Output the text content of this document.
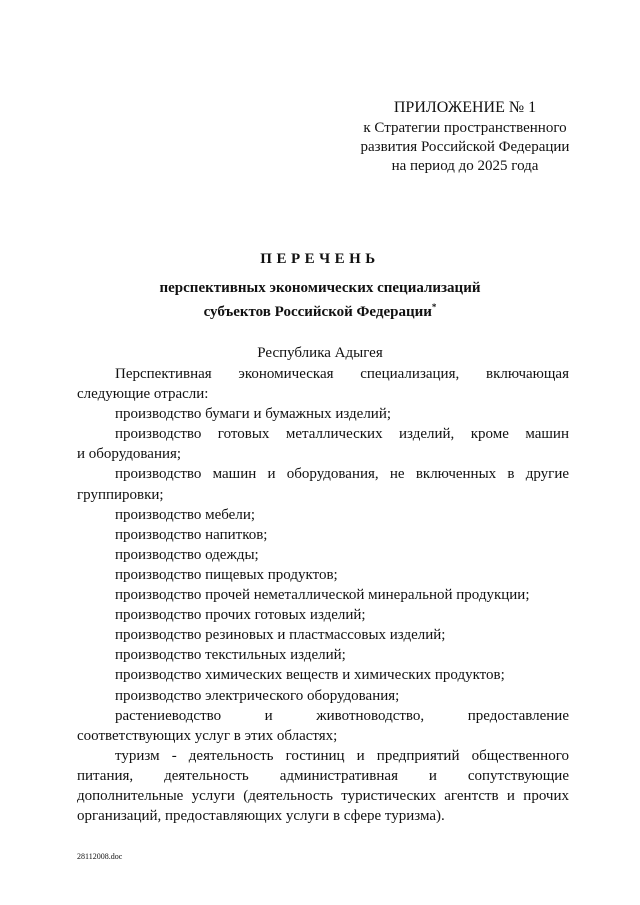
ПРИЛОЖЕНИЕ № 1
к Стратегии пространственного
развития Российской Федерации
на период до 2025 года
ПЕРЕЧЕНЬ
перспективных экономических специализаций
субъектов Российской Федерации*
Республика Адыгея

Перспективная экономическая специализация, включающая

следующие отрасли:

производство бумаги и бумажных изделий;

производство готовых металлических изделий, кроме машин

и оборудования;

производство машин и оборудования, не включенных в другие

группировки;

производство мебели;

производство напитков;

производство одежды;

производство пищевых продуктов;

производство прочей неметаллической минеральной продукции;

производство прочих готовых изделий;

производство резиновых и пластмассовых изделий;

производство текстильных изделий;

производство химических веществ и химических продуктов;

производство электрического оборудования;

растениеводство и животноводство, предоставление

соответствующих услуг в этих областях;

туризм - деятельность гостиниц и предприятий общественного

питания, деятельность административная и сопутствующие

дополнительные услуги (деятельность туристических агентств и прочих

организаций, предоставляющих услуги в сфере туризма).

28112008.doc
